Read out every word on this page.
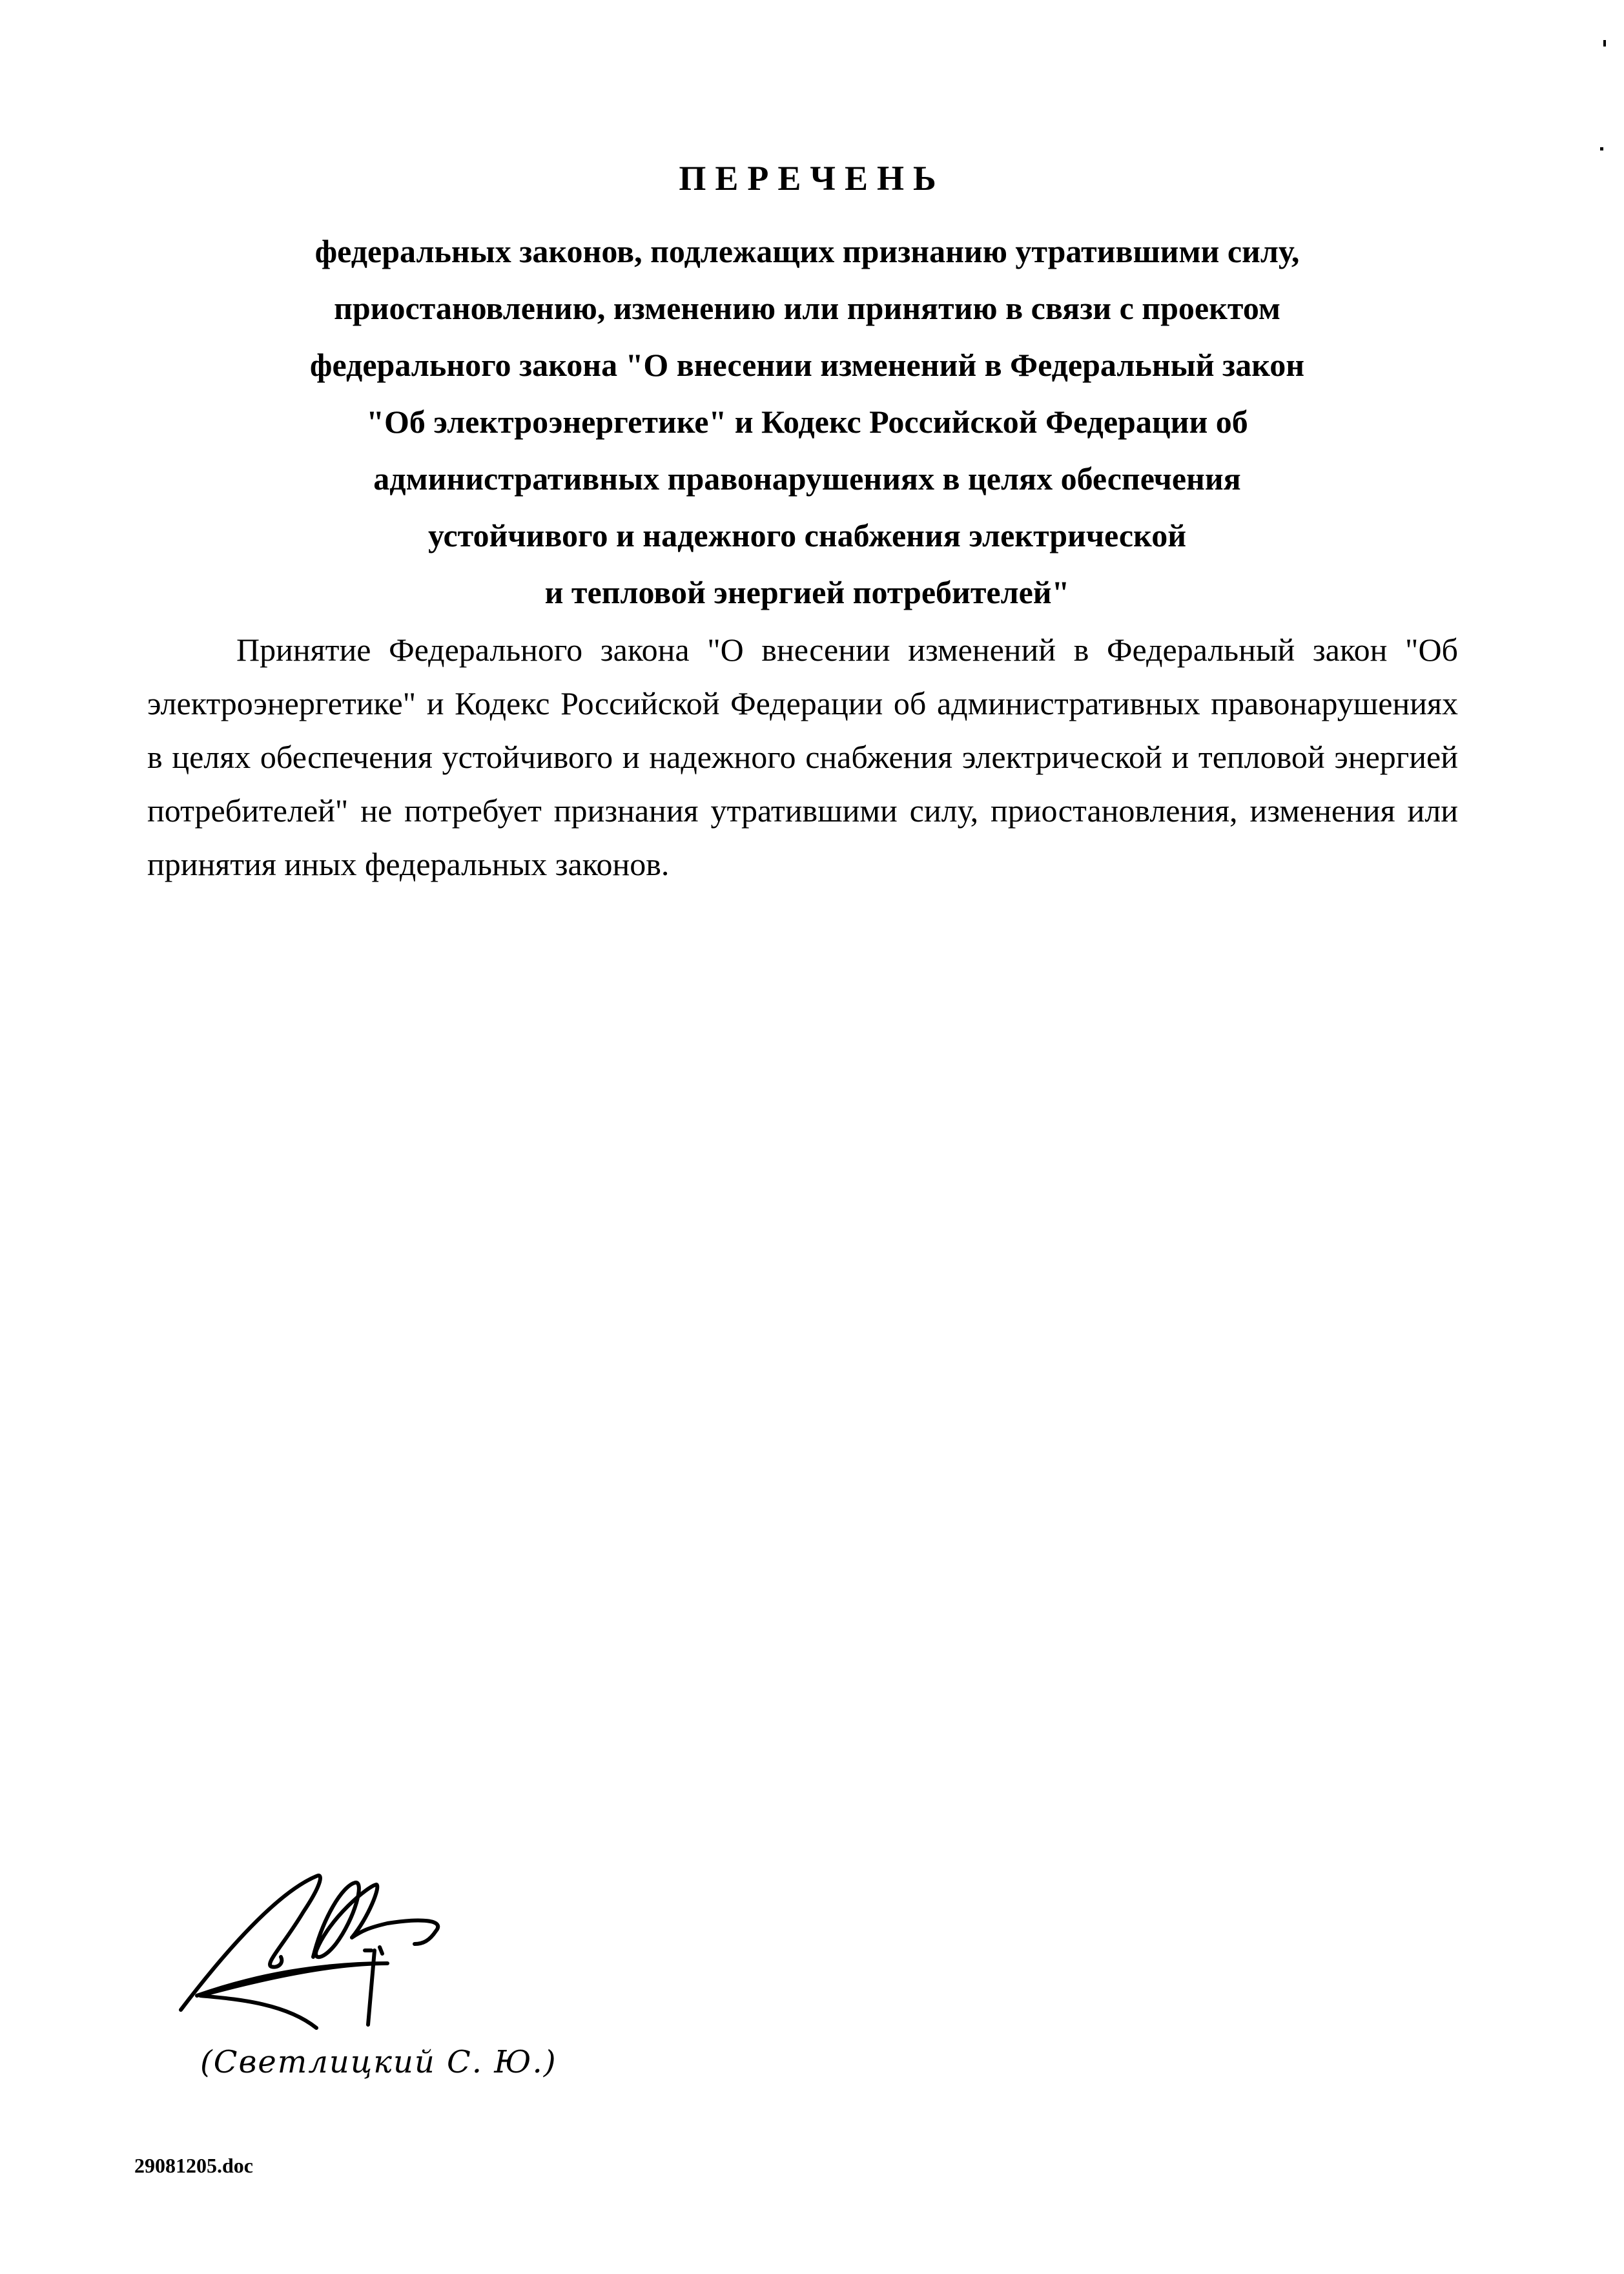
ПЕРЕЧЕНЬ
федеральных законов, подлежащих признанию утратившими силу,
приостановлению, изменению или принятию в связи с проектом
федерального закона "О внесении изменений в Федеральный закон
"Об электроэнергетике" и Кодекс Российской Федерации об
административных правонарушениях в целях обеспечения
устойчивого и надежного снабжения электрической
и тепловой энергией потребителей"
Принятие Федерального закона "О внесении изменений в Федеральный закон "Об электроэнергетике" и Кодекс Российской Федерации об административных правонарушениях в целях обеспечения устойчивого и надежного снабжения электрической и тепловой энергией потребителей" не потребует признания утратившими силу, приостановления, изменения или принятия иных федеральных законов.
(Светлицкий С. Ю.)
29081205.doc
